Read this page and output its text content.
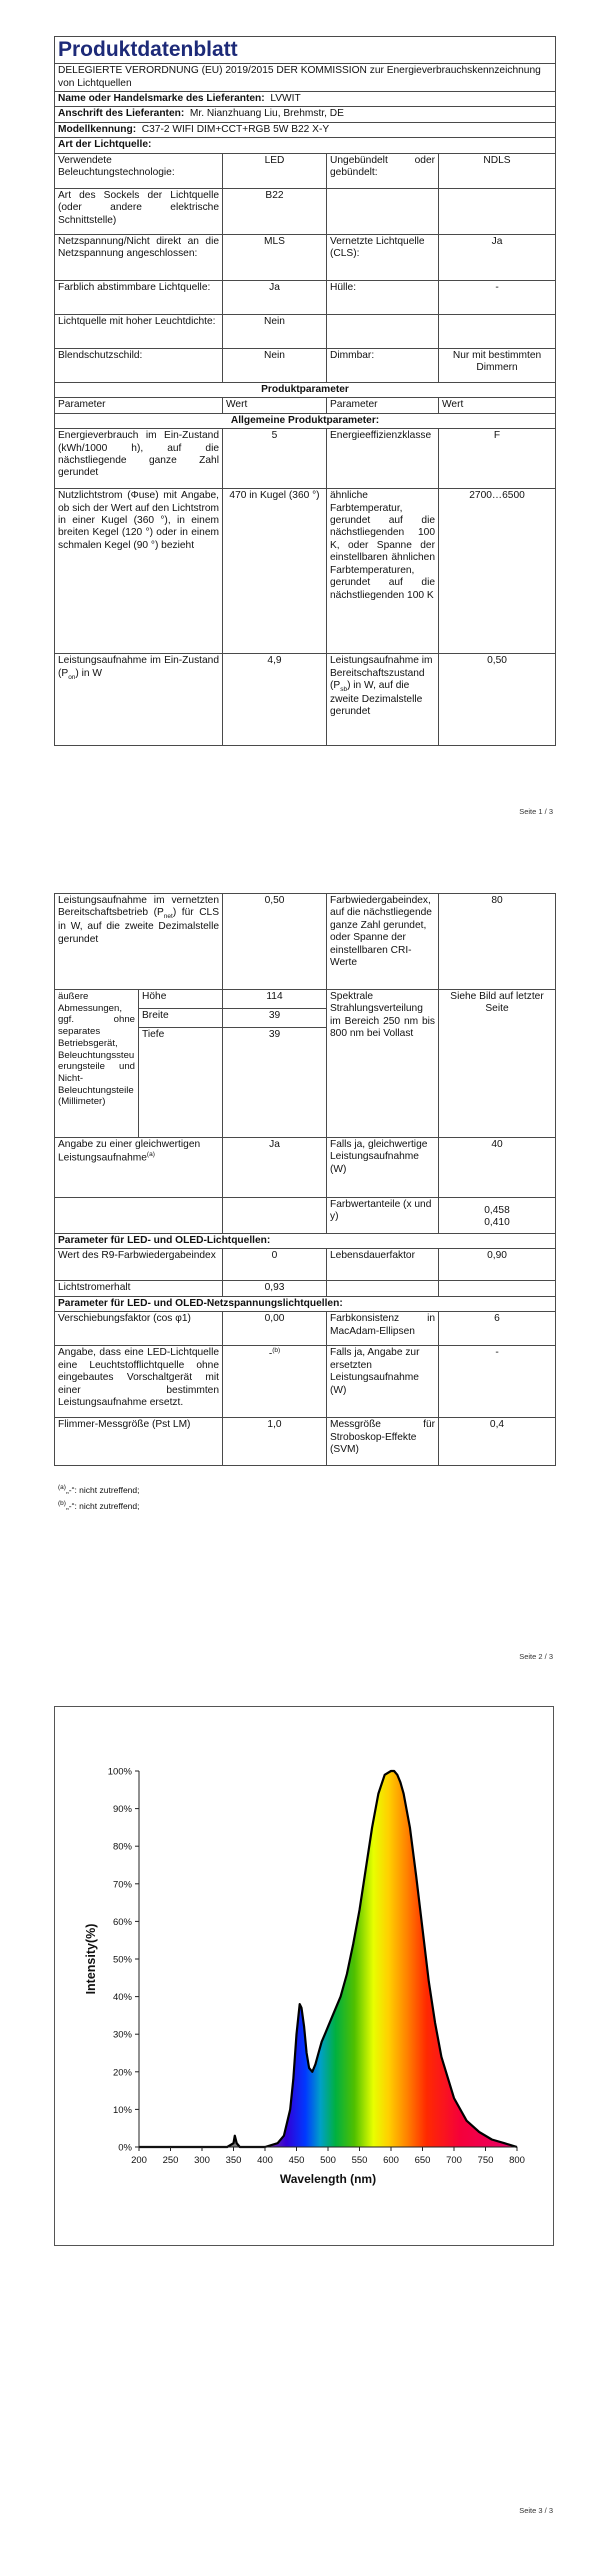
Produktdatenblatt			
DELEGIERTE VERORDNUNG (EU) 2019/2015 DER KOMMISSION zur Energieverbrauchskennzeichnung von Lichtquellen			
Name oder Handelsmarke des Lieferanten: LVWIT			
Anschrift des Lieferanten: Mr. Nianzhuang Liu, Brehmstr, DE			
Modellkennung: C37-2 WIFI DIM+CCT+RGB 5W B22 X-Y			
Art der Lichtquelle:			
Verwendete Beleuchtungstechnologie:	LED	Ungebündelt oder gebündelt:	NDLS
Art des Sockels der Lichtquelle (oder andere elektrische Schnittstelle)	B22		
Netzspannung/Nicht direkt an die Netzspannung angeschlossen:	MLS	Vernetzte Lichtquelle (CLS):	Ja
Farblich abstimmbare Lichtquelle:	Ja	Hülle:	-
Lichtquelle mit hoher Leuchtdichte:	Nein		
Blendschutzschild:	Nein	Dimmbar:	Nur mit bestimmten Dimmern
Produktparameter			
Parameter	Wert	Parameter	Wert
Allgemeine Produktparameter:			
Energieverbrauch im Ein-Zustand (kWh/1000 h), auf die nächstliegende ganze Zahl gerundet	5	Energieeffizienzklasse	F
Nutzlichtstrom (Φuse) mit Angabe, ob sich der Wert auf den Lichtstrom in einer Kugel (360 °), in einem breiten Kegel (120 °) oder in einem schmalen Kegel (90 °) bezieht	470 in Kugel (360 °)	ähnliche Farbtemperatur, gerundet auf die nächstliegenden 100 K, oder Spanne der einstellbaren ähnlichen Farbtemperaturen, gerundet auf die nächstliegenden 100 K	2700…6500
Leistungsaufnahme im Ein-Zustand $(P_{on})$ in W	4,9	Leistungsaufnahme im Bereitschaftszustand $(P_{sb})$ in W, auf die zweite Dezimalstelle gerundet	0,50
Seite 1 / 3
Leistungsaufnahme im vernetzten Bereitschaftsbetrieb $(P_{net})$ für CLS in W, auf die zweite Dezimalstelle gerundet		0,50	Farbwiedergabeindex, auf die nächstliegende ganze Zahl gerundet, oder Spanne der einstellbaren CRI-Werte	80
äußere Abmessungen, ggf. ohne separates Betriebsgerät, Beleuchtungssteuerungsteile und Nicht-Beleuchtungsteile (Millimeter)	Höhe	114	Spektrale Strahlungsverteilung im Bereich 250 nm bis 800 nm bei Vollast	Siehe Bild auf letzter Seite
	Breite	39		
	Tiefe	39		
Angabe zu einer gleichwertigen Leistungsaufnahme$^{(a)}$		Ja	Falls ja, gleichwertige Leistungsaufnahme (W)	40
			Farbwertanteile (x und y)	0,458
0,410

Parameter für LED- und OLED-Lichtquellen:				
Wert des R9-Farbwiedergabeindex		0	Lebensdauerfaktor	0,90
Lichtstromerhalt		0,93		
Parameter für LED- und OLED-Netzspannungslichtquellen:				
Verschiebungsfaktor (cos φ1)		0,00	Farbkonsistenz in MacAdam-Ellipsen	6
Angabe, dass eine LED-Lichtquelle eine Leuchtstofflichtquelle ohne eingebautes Vorschaltgerät mit einer bestimmten Leistungsaufnahme ersetzt.		-$^{(b)}$	Falls ja, Angabe zur ersetzten Leistungsaufnahme (W)	-
Flimmer-Messgröße (Pst LM)		1,0	Messgröße für Stroboskop-Effekte (SVM)	0,4
$^{(a)}$„-“: nicht zutreffend;
$^{(b)}$„-“: nicht zutreffend;
Seite 2 / 3
200 250 300 350 400 450 500 550 600 650 700 750 800
0%
10%
20%
30%
40%
50%
60%
70%
80%
90%
100%
Wavelength (nm)
Intensity(%)
Seite 3 / 3
